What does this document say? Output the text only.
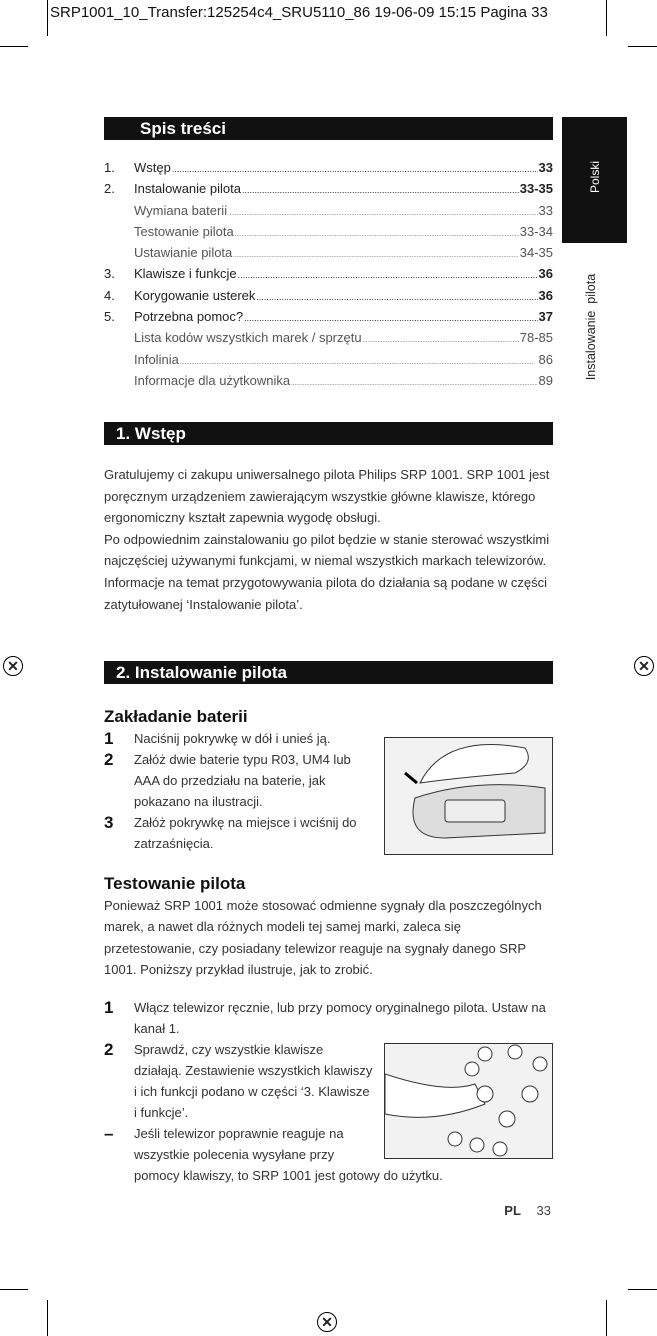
SRP1001_10_Transfer:125254c4_SRU5110_86 19-06-09 15:15 Pagina 33
✕	✕
✕
Polski
Instalowanie  pilota
Spis treści
1.	Wstęp .....	33
2.	Instalowanie pilota .....	33-35
Wymiana baterii .....	33
Testowanie pilota .....	33-34
Ustawianie pilota .....	34-35
3.	Klawisze i funkcje .....	36
4.	Korygowanie usterek .....	36
5.	Potrzebna pomoc? .....	37
Lista kodów wszystkich marek / sprzętu .....	78-85
Infolinia .....	86
Informacje dla użytkownika .....	89
1. Wstęp
Gratulujemy ci zakupu uniwersalnego pilota Philips SRP 1001. SRP 1001 jest poręcznym urządzeniem zawierającym wszystkie główne klawisze, którego ergonomiczny kształt zapewnia wygodę obsługi.
Po odpowiednim zainstalowaniu go pilot będzie w stanie sterować wszystkimi najczęściej używanymi funkcjami, w niemal wszystkich markach telewizorów. Informacje na temat przygotowywania pilota do działania są podane w części zatytułowanej ‘Instalowanie pilota’.
2. Instalowanie pilota
Zakładanie baterii
1 Naciśnij pokrywkę w dół i unieś ją.
2 Załóż dwie baterie typu R03, UM4 lub AAA do przedziału na baterie, jak pokazano na ilustracji.
3 Załóż pokrywkę na miejsce i wciśnij do zatrzaśnięcia.
Testowanie pilota
Ponieważ SRP 1001 może stosować odmienne sygnały dla poszczególnych marek, a nawet dla różnych modeli tej samej marki, zaleca się przetestowanie, czy posiadany telewizor reaguje na sygnały danego SRP 1001. Poniższy przykład ilustruje, jak to zrobić.
1 Włącz telewizor ręcznie, lub przy pomocy oryginalnego pilota. Ustaw na kanał 1.
2 Sprawdź, czy wszystkie klawisze działają. Zestawienie wszystkich klawiszy i ich funkcji podano w części ‘3. Klawisze i funkcje’.
– Jeśli telewizor poprawnie reaguje na wszystkie polecenia wysyłane przy pomocy klawiszy, to SRP 1001 jest gotowy do użytku.
PL 33
